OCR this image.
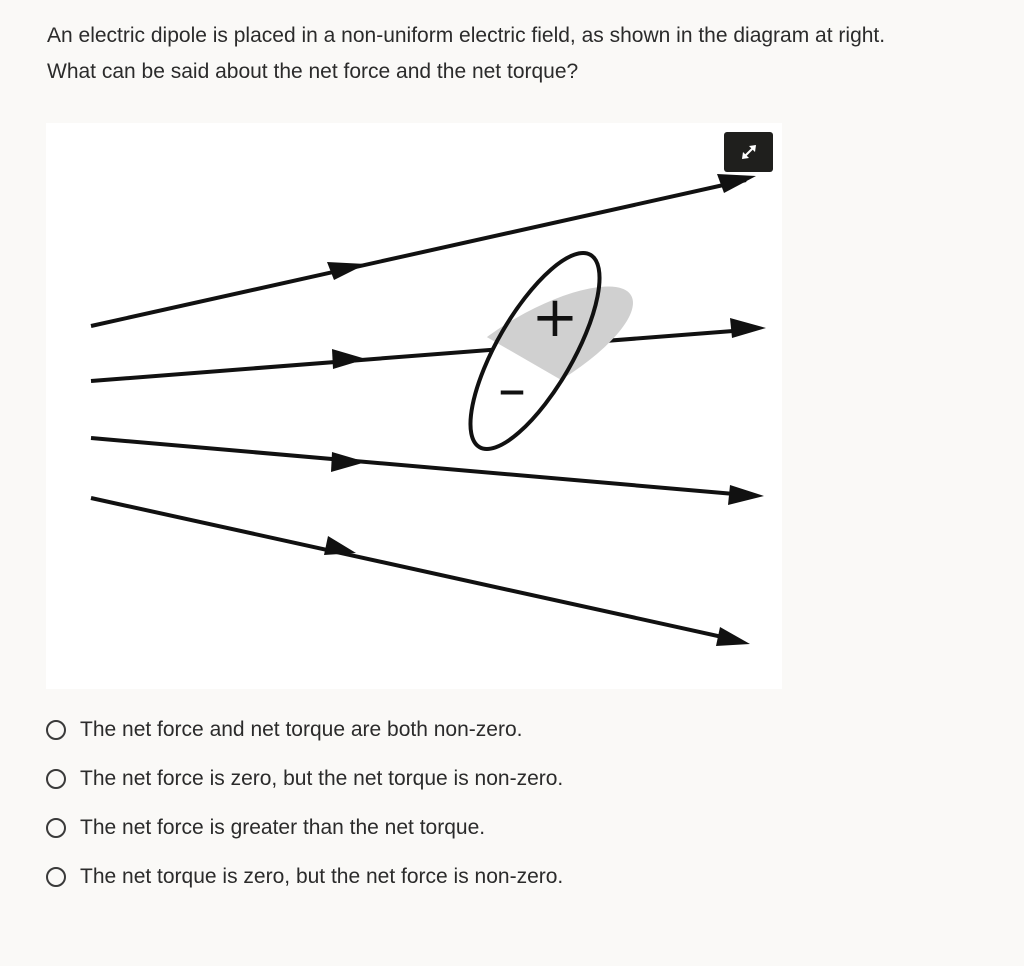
An electric dipole is placed in a non-uniform electric field, as shown in the diagram at right.
What can be said about the net force and the net torque?

+
–
The net force and net torque are both non-zero.
The net force is zero, but the net torque is non-zero.
The net force is greater than the net torque.
The net torque is zero, but the net force is non-zero.
